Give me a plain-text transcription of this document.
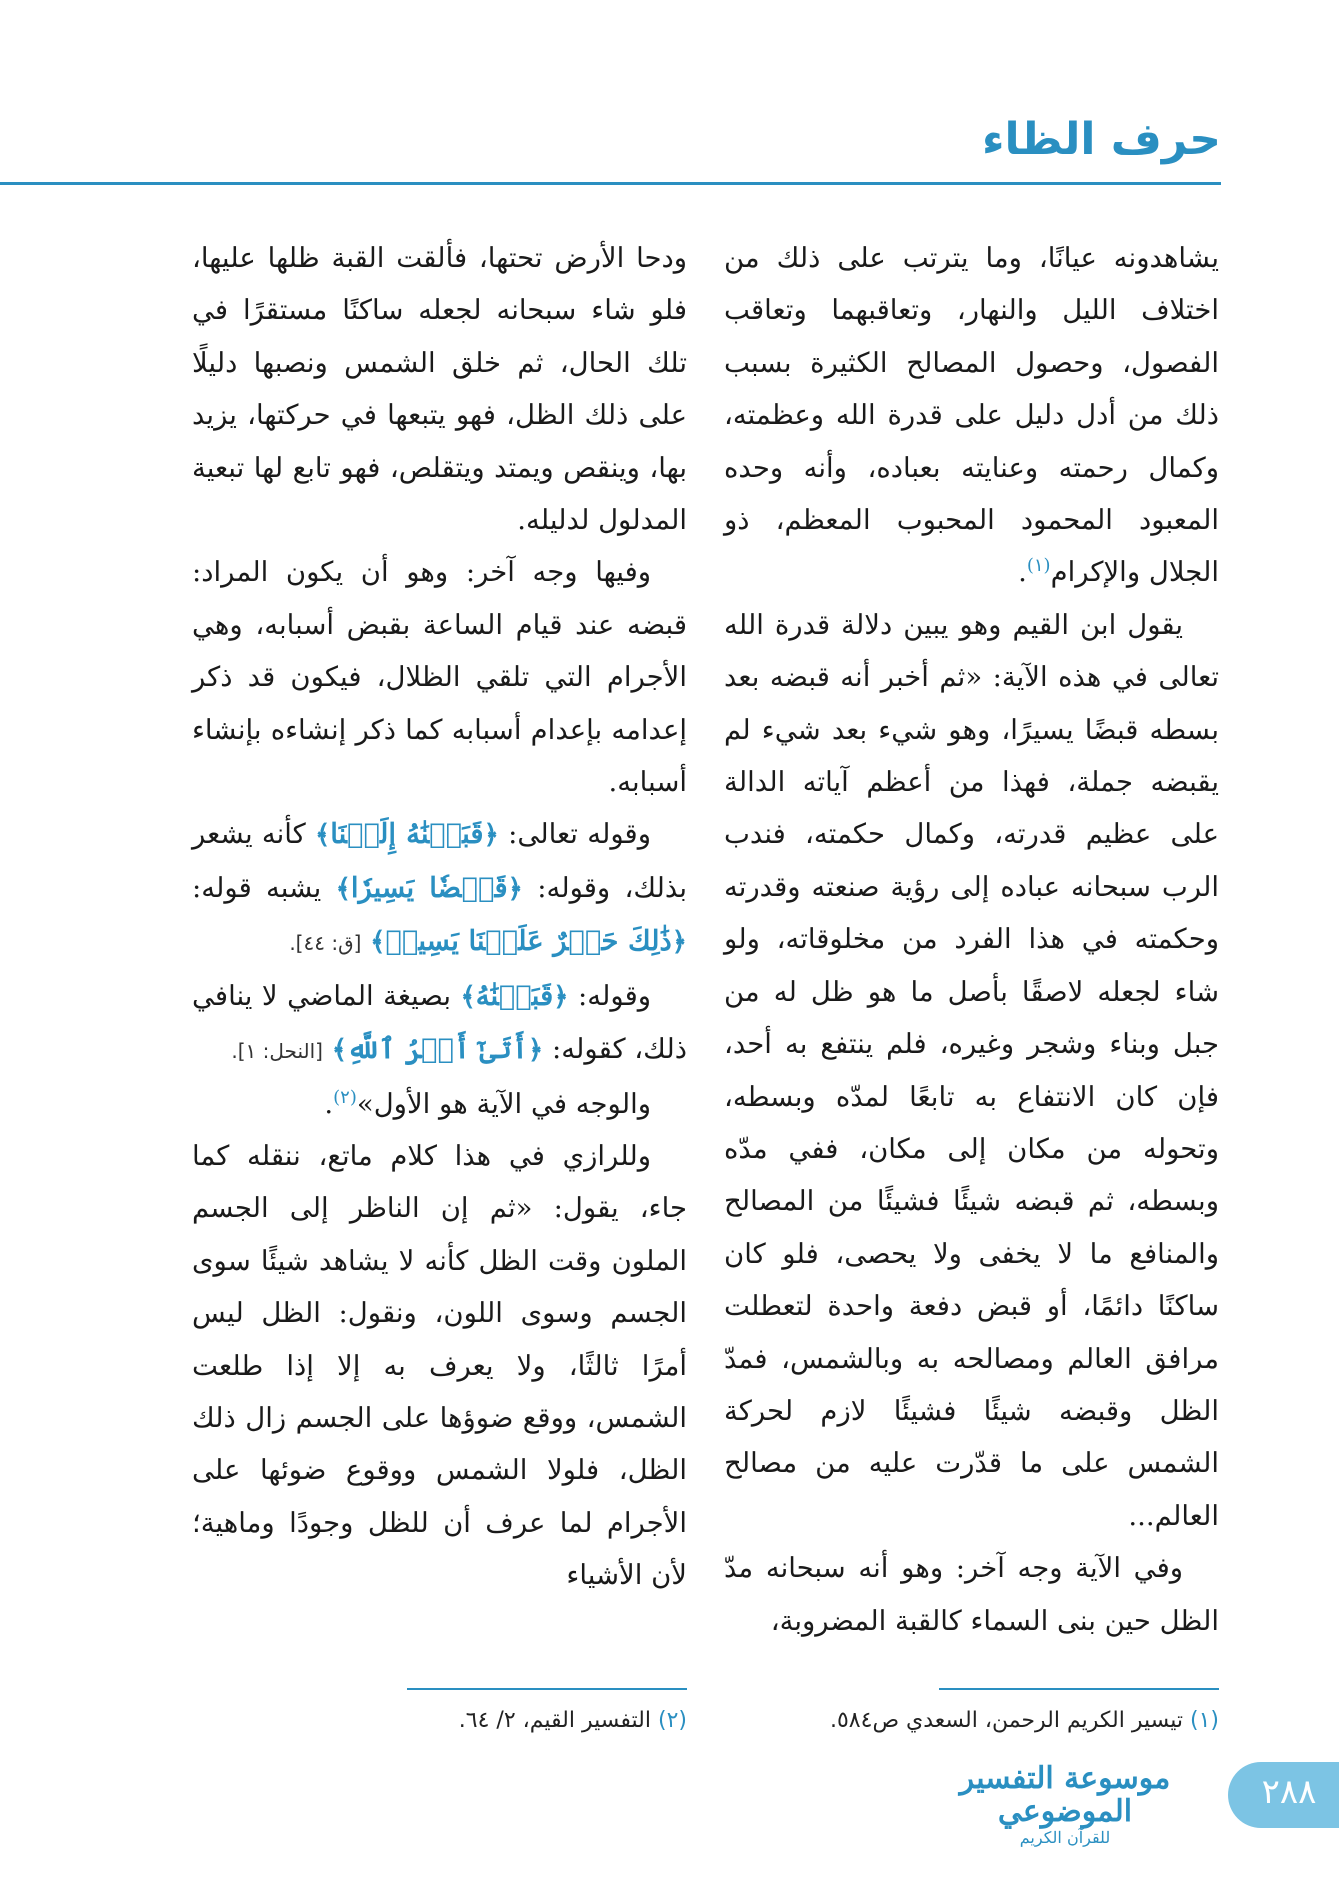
حرف الظاء

يشاهدونه عيانًا، وما يترتب على ذلك من اختلاف الليل والنهار، وتعاقبهما وتعاقب الفصول، وحصول المصالح الكثيرة بسبب ذلك من أدل دليل على قدرة الله وعظمته، وكمال رحمته وعنايته بعباده، وأنه وحده المعبود المحمود المحبوب المعظم، ذو الجلال والإكرام$^{(١)}$.

يقول ابن القيم وهو يبين دلالة قدرة الله تعالى في هذه الآية: «ثم أخبر أنه قبضه بعد بسطه قبضًا يسيرًا، وهو شيء بعد شيء لم يقبضه جملة، فهذا من أعظم آياته الدالة على عظيم قدرته، وكمال حكمته، فندب الرب سبحانه عباده إلى رؤية صنعته وقدرته وحكمته في هذا الفرد من مخلوقاته، ولو شاء لجعله لاصقًا بأصل ما هو ظل له من جبل وبناء وشجر وغيره، فلم ينتفع به أحد، فإن كان الانتفاع به تابعًا لمدّه وبسطه، وتحوله من مكان إلى مكان، ففي مدّه وبسطه، ثم قبضه شيئًا فشيئًا من المصالح والمنافع ما لا يخفى ولا يحصى، فلو كان ساكنًا دائمًا، أو قبض دفعة واحدة لتعطلت مرافق العالم ومصالحه به وبالشمس، فمدّ الظل وقبضه شيئًا فشيئًا لازم لحركة الشمس على ما قدّرت عليه من مصالح العالم...

وفي الآية وجه آخر: وهو أنه سبحانه مدّ الظل حين بنى السماء كالقبة المضروبة،

ودحا الأرض تحتها، فألقت القبة ظلها عليها، فلو شاء سبحانه لجعله ساكنًا مستقرًا في تلك الحال، ثم خلق الشمس ونصبها دليلًا على ذلك الظل، فهو يتبعها في حركتها، يزيد بها، وينقص ويمتد ويتقلص، فهو تابع لها تبعية المدلول لدليله.

وفيها وجه آخر: وهو أن يكون المراد: قبضه عند قيام الساعة بقبض أسبابه، وهي الأجرام التي تلقي الظلال، فيكون قد ذكر إعدامه بإعدام أسبابه كما ذكر إنشاءه بإنشاء أسبابه.

وقوله تعالى: ﴿قَبَضۡنَٰهُ إِلَيۡنَا﴾ كأنه يشعر بذلك، وقوله: ﴿قَبۡضٗا يَسِيرٗا﴾ يشبه قوله: ﴿ذَٰلِكَ حَشۡرٌ عَلَيۡنَا يَسِيرٞ﴾ [ق: ٤٤].

وقوله: ﴿قَبَضۡنَٰهُ﴾ بصيغة الماضي لا ينافي ذلك، كقوله: ﴿أَتَىٰٓ أَمۡرُ ٱللَّهِ﴾ [النحل: ١].

والوجه في الآية هو الأول»$^{(٢)}$.

وللرازي في هذا كلام ماتع، ننقله كما جاء، يقول: «ثم إن الناظر إلى الجسم الملون وقت الظل كأنه لا يشاهد شيئًا سوى الجسم وسوى اللون، ونقول: الظل ليس أمرًا ثالثًا، ولا يعرف به إلا إذا طلعت الشمس، ووقع ضوؤها على الجسم زال ذلك الظل، فلولا الشمس ووقوع ضوئها على الأجرام لما عرف أن للظل وجودًا وماهية؛ لأن الأشياء

(١) تيسير الكريم الرحمن، السعدي ص٥٨٤.
(٢) التفسير القيم، ٢/ ٦٤.
٢٨٨
موسوعة التفسير الموضوعي
للقرآن الكريم
